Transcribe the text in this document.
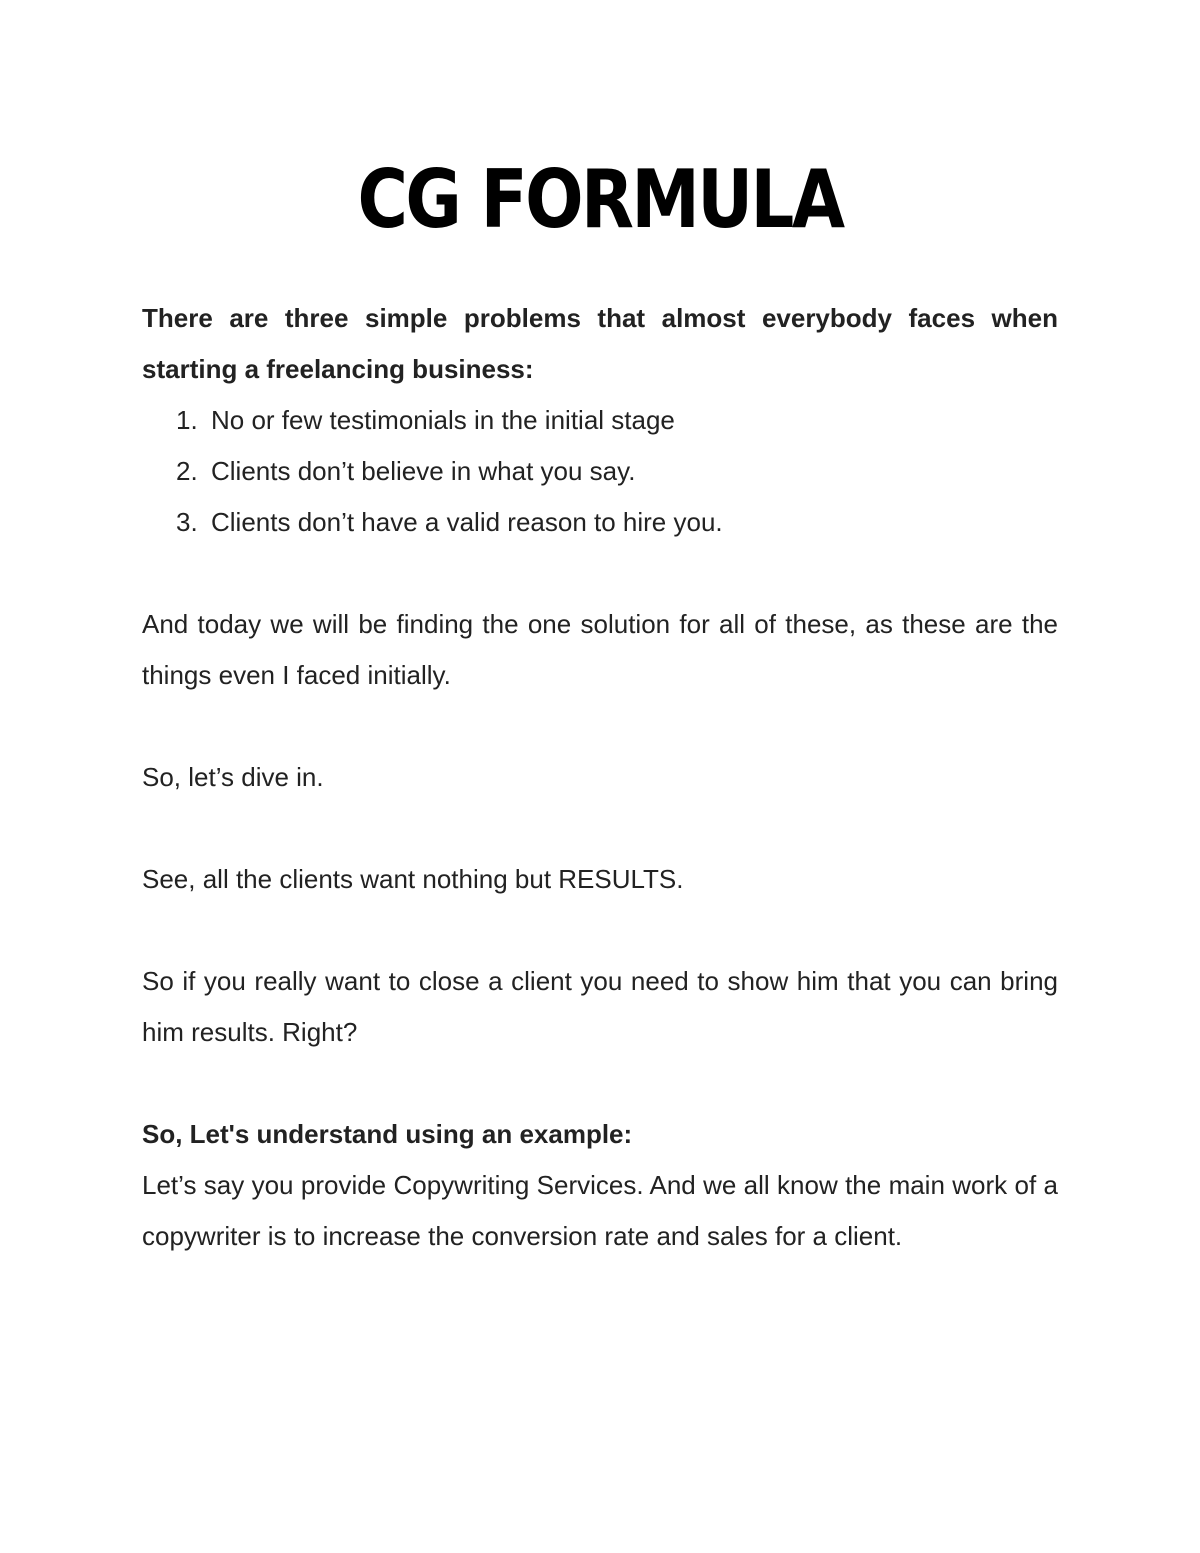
CG FORMULA

There are three simple problems that almost everybody faces when starting a freelancing business:

1. No or few testimonials in the initial stage
2. Clients don’t believe in what you say.
3. Clients don’t have a valid reason to hire you.

And today we will be finding the one solution for all of these, as these are the things even I faced initially.

So, let’s dive in.

See, all the clients want nothing but RESULTS.

So if you really want to close a client you need to show him that you can bring him results. Right?

So, Let's understand using an example:

Let’s say you provide Copywriting Services. And we all know the main work of a copywriter is to increase the conversion rate and sales for a client.
